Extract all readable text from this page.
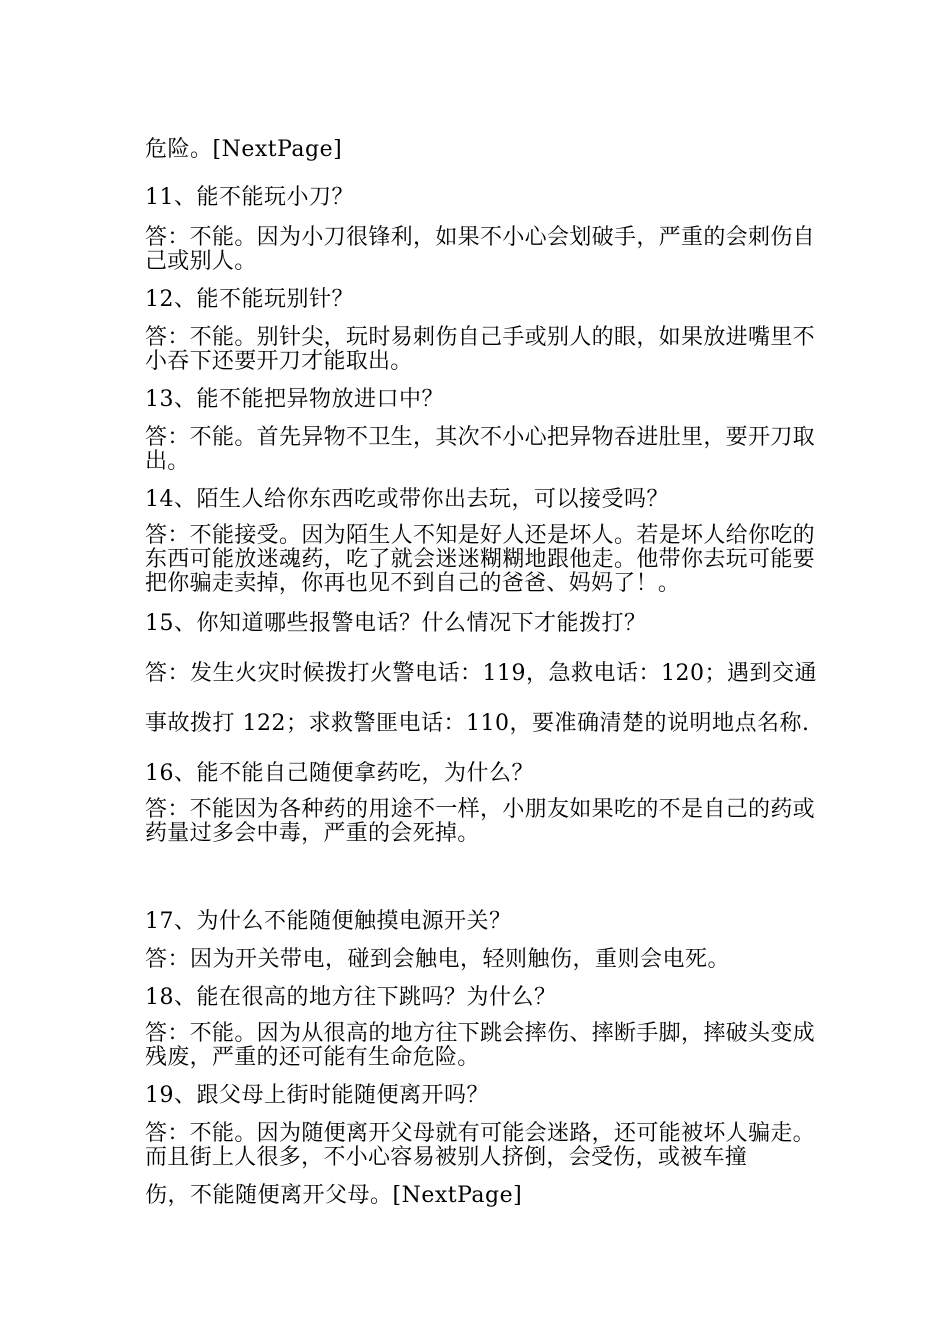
危险。[NextPage]
11、能不能玩小刀？
答：不能。因为小刀很锋利，如果不小心会划破手，严重的会刺伤自己或别人。
12、能不能玩别针？
答：不能。别针尖，玩时易刺伤自己手或别人的眼，如果放进嘴里不小吞下还要开刀才能取出。
13、能不能把异物放进口中？
答：不能。首先异物不卫生，其次不小心把异物吞进肚里，要开刀取出。
14、陌生人给你东西吃或带你出去玩，可以接受吗？
答：不能接受。因为陌生人不知是好人还是坏人。若是坏人给你吃的东西可能放迷魂药，吃了就会迷迷糊糊地跟他走。他带你去玩可能要把你骗走卖掉，你再也见不到自己的爸爸、妈妈了！。
15、你知道哪些报警电话？什么情况下才能拨打？
答：发生火灾时候拨打火警电话：119，急救电话：120；遇到交通
事故拨打 122；求救警匪电话：110，要准确清楚的说明地点名称.
16、能不能自己随便拿药吃，为什么？
答：不能因为各种药的用途不一样，小朋友如果吃的不是自己的药或药量过多会中毒，严重的会死掉。
17、为什么不能随便触摸电源开关？
答：因为开关带电，碰到会触电，轻则触伤，重则会电死。
18、能在很高的地方往下跳吗？为什么？
答：不能。因为从很高的地方往下跳会摔伤、摔断手脚，摔破头变成残废，严重的还可能有生命危险。
19、跟父母上街时能随便离开吗？
答：不能。因为随便离开父母就有可能会迷路，还可能被坏人骗走。而且街上人很多，不小心容易被别人挤倒，会受伤，或被车撞
伤，不能随便离开父母。[NextPage]
